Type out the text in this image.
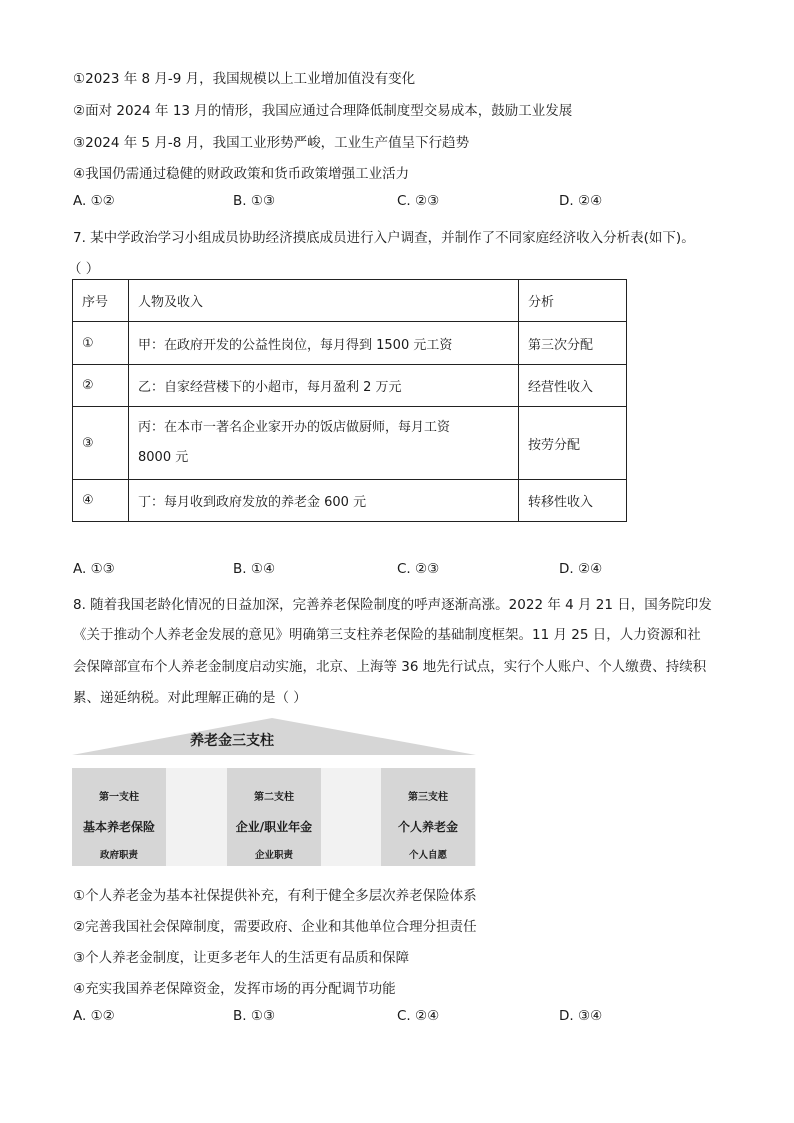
①2023 年 8 月-9 月，我国规模以上工业增加值没有变化
②面对 2024 年 13 月的情形，我国应通过合理降低制度型交易成本，鼓励工业发展
③2024 年 5 月-8 月，我国工业形势严峻，工业生产值呈下行趋势
④我国仍需通过稳健的财政政策和货币政策增强工业活力
A. ①②	B. ①③	C. ②③	D. ②④
7. 某中学政治学习小组成员协助经济摸底成员进行入户调查，并制作了不同家庭经济收入分析表(如下)。
（ ）
序号	人物及收入	分析
①	甲：在政府开发的公益性岗位，每月得到 1500 元工资	第三次分配
②	乙：自家经营楼下的小超市，每月盈利 2 万元	经营性收入
③	丙：在本市一著名企业家开办的饭店做厨师，每月工资
8000 元	按劳分配
④	丁：每月收到政府发放的养老金 600 元	转移性收入
A. ①③	B. ①④	C. ②③	D. ②④
8. 随着我国老龄化情况的日益加深，完善养老保险制度的呼声逐渐高涨。2022 年 4 月 21 日，国务院印发
《关于推动个人养老金发展的意见》明确第三支柱养老保险的基础制度框架。11 月 25 日，人力资源和社
会保障部宣布个人养老金制度启动实施，北京、上海等 36 地先行试点，实行个人账户、个人缴费、持续积
累、递延纳税。对此理解正确的是（ ）
养老金三支柱
第一支柱
基本养老保险
政府职责
第二支柱
企业/职业年金
企业职责
第三支柱
个人养老金
个人自愿
①个人养老金为基本社保提供补充，有利于健全多层次养老保险体系
②完善我国社会保障制度，需要政府、企业和其他单位合理分担责任
③个人养老金制度，让更多老年人的生活更有品质和保障
④充实我国养老保障资金，发挥市场的再分配调节功能
A. ①②	B. ①③	C. ②④	D. ③④
